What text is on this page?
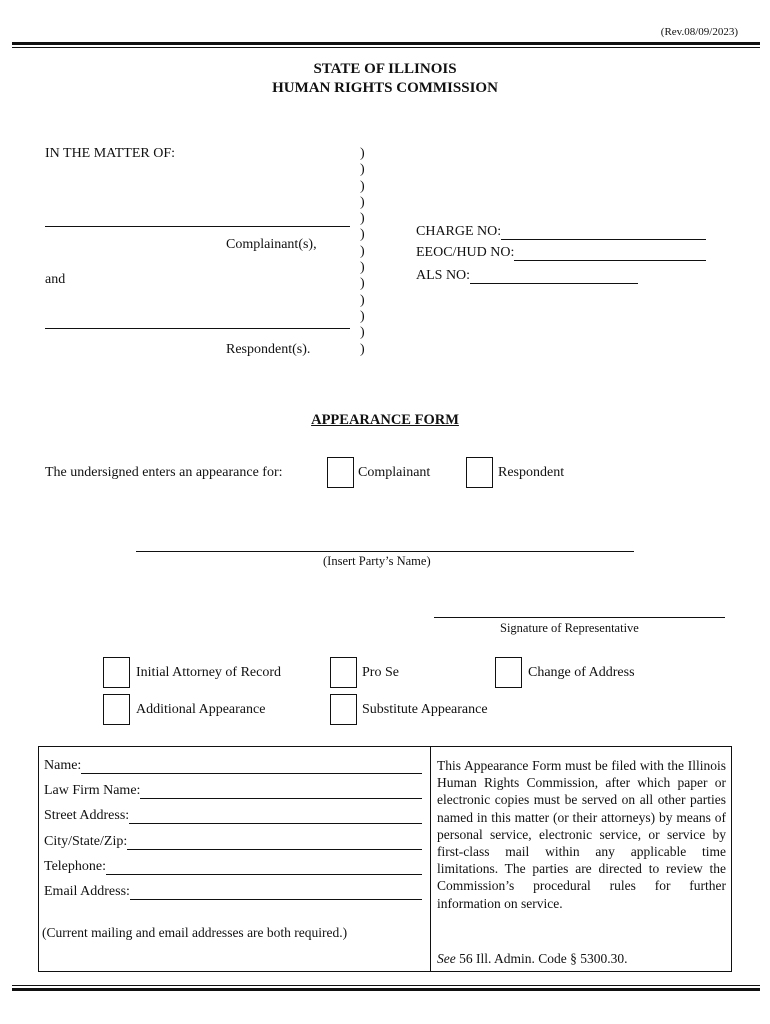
(Rev.08/09/2023)
STATE OF ILLINOIS
HUMAN RIGHTS COMMISSION
IN THE MATTER OF:
Complainant(s),
and
Respondent(s).
)
)
)
)
)
)
)
)
)
)
)
)
)
CHARGE NO:
EEOC/HUD NO:
ALS NO:
APPEARANCE FORM
The undersigned enters an appearance for:	Complainant	Respondent
(Insert Party’s Name)
Signature of Representative
Initial Attorney of Record	Pro Se	Change of Address
Additional Appearance	Substitute Appearance
Name:
Law Firm Name:
Street Address:
City/State/Zip:
Telephone:
Email Address:
(Current mailing and email addresses are both required.)
This Appearance Form must be filed with the Illinois Human Rights Commission, after which paper or electronic copies must be served on all other parties named in this matter (or their attorneys) by means of personal service, electronic service, or service by first-class mail within any applicable time limitations. The parties are directed to review the Commission’s procedural rules for further information on service.
See 56 Ill. Admin. Code § 5300.30.
